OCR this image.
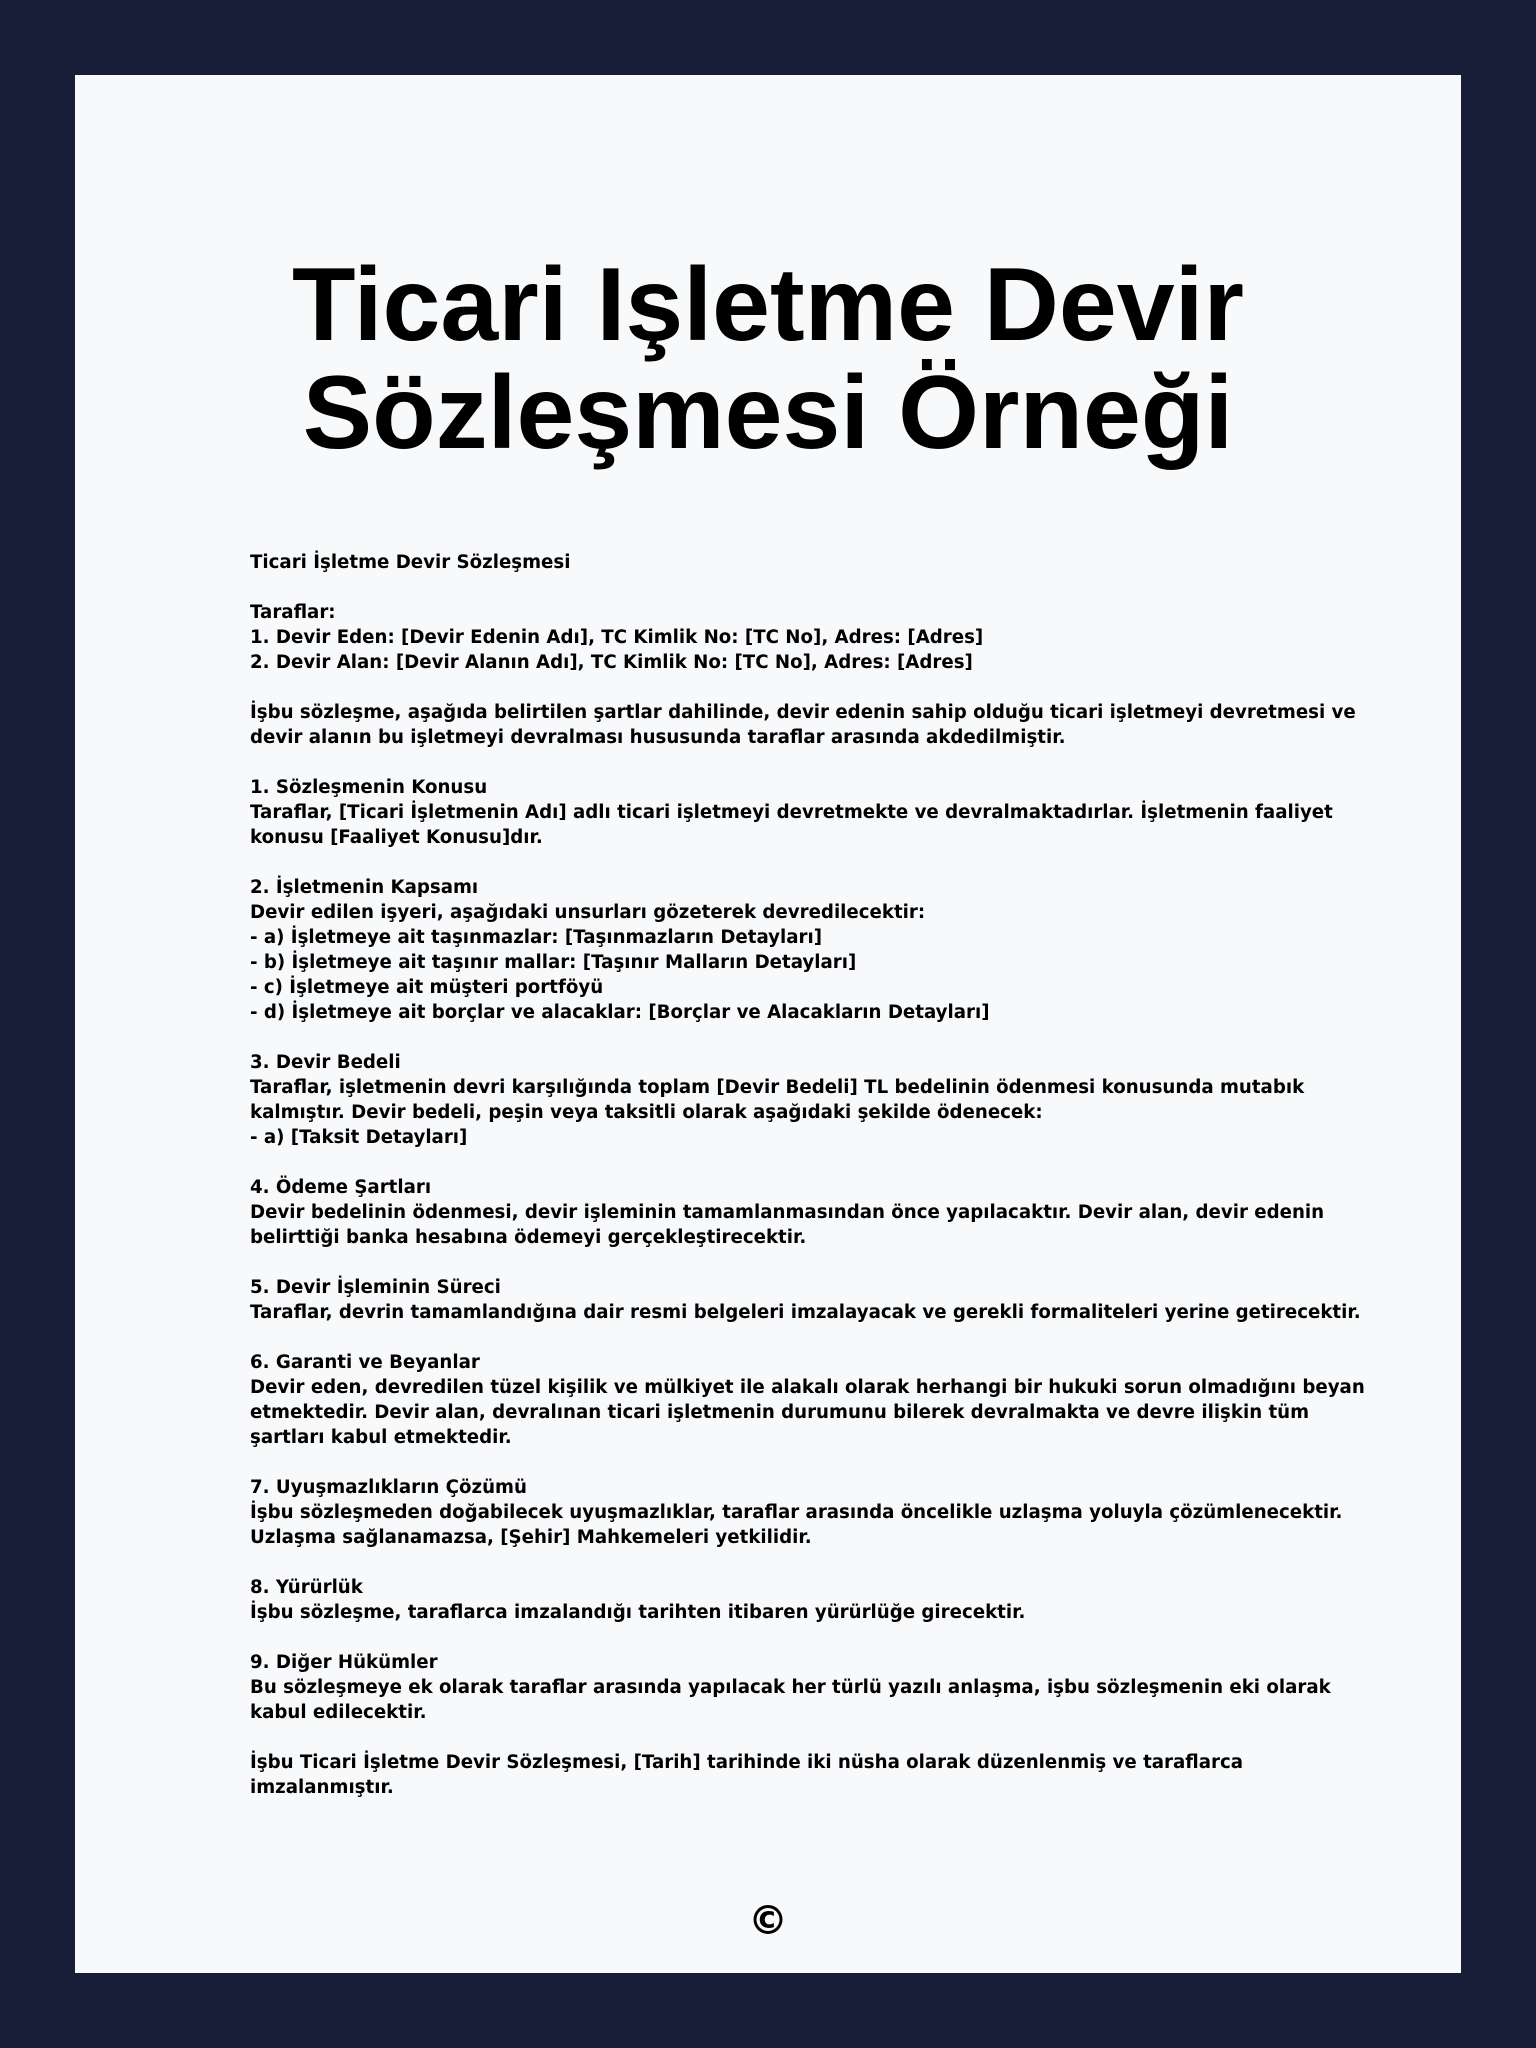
Ticari Işletme Devir
Sözleşmesi Örneği
Ticari İşletme Devir Sözleşmesi

Taraflar:
1. Devir Eden: [Devir Edenin Adı], TC Kimlik No: [TC No], Adres: [Adres]
2. Devir Alan: [Devir Alanın Adı], TC Kimlik No: [TC No], Adres: [Adres]

İşbu sözleşme, aşağıda belirtilen şartlar dahilinde, devir edenin sahip olduğu ticari işletmeyi devretmesi ve
devir alanın bu işletmeyi devralması hususunda taraflar arasında akdedilmiştir.

1. Sözleşmenin Konusu
Taraflar, [Ticari İşletmenin Adı] adlı ticari işletmeyi devretmekte ve devralmaktadırlar. İşletmenin faaliyet
konusu [Faaliyet Konusu]dır.

2. İşletmenin Kapsamı
Devir edilen işyeri, aşağıdaki unsurları gözeterek devredilecektir:
- a) İşletmeye ait taşınmazlar: [Taşınmazların Detayları]
- b) İşletmeye ait taşınır mallar: [Taşınır Malların Detayları]
- c) İşletmeye ait müşteri portföyü
- d) İşletmeye ait borçlar ve alacaklar: [Borçlar ve Alacakların Detayları]

3. Devir Bedeli
Taraflar, işletmenin devri karşılığında toplam [Devir Bedeli] TL bedelinin ödenmesi konusunda mutabık
kalmıştır. Devir bedeli, peşin veya taksitli olarak aşağıdaki şekilde ödenecek:
- a) [Taksit Detayları]

4. Ödeme Şartları
Devir bedelinin ödenmesi, devir işleminin tamamlanmasından önce yapılacaktır. Devir alan, devir edenin
belirttiği banka hesabına ödemeyi gerçekleştirecektir.

5. Devir İşleminin Süreci
Taraflar, devrin tamamlandığına dair resmi belgeleri imzalayacak ve gerekli formaliteleri yerine getirecektir.

6. Garanti ve Beyanlar
Devir eden, devredilen tüzel kişilik ve mülkiyet ile alakalı olarak herhangi bir hukuki sorun olmadığını beyan
etmektedir. Devir alan, devralınan ticari işletmenin durumunu bilerek devralmakta ve devre ilişkin tüm
şartları kabul etmektedir.

7. Uyuşmazlıkların Çözümü
İşbu sözleşmeden doğabilecek uyuşmazlıklar, taraflar arasında öncelikle uzlaşma yoluyla çözümlenecektir.
Uzlaşma sağlanamazsa, [Şehir] Mahkemeleri yetkilidir.

8. Yürürlük
İşbu sözleşme, taraflarca imzalandığı tarihten itibaren yürürlüğe girecektir.

9. Diğer Hükümler
Bu sözleşmeye ek olarak taraflar arasında yapılacak her türlü yazılı anlaşma, işbu sözleşmenin eki olarak
kabul edilecektir.

İşbu Ticari İşletme Devir Sözleşmesi, [Tarih] tarihinde iki nüsha olarak düzenlenmiş ve taraflarca
imzalanmıştır.
©
